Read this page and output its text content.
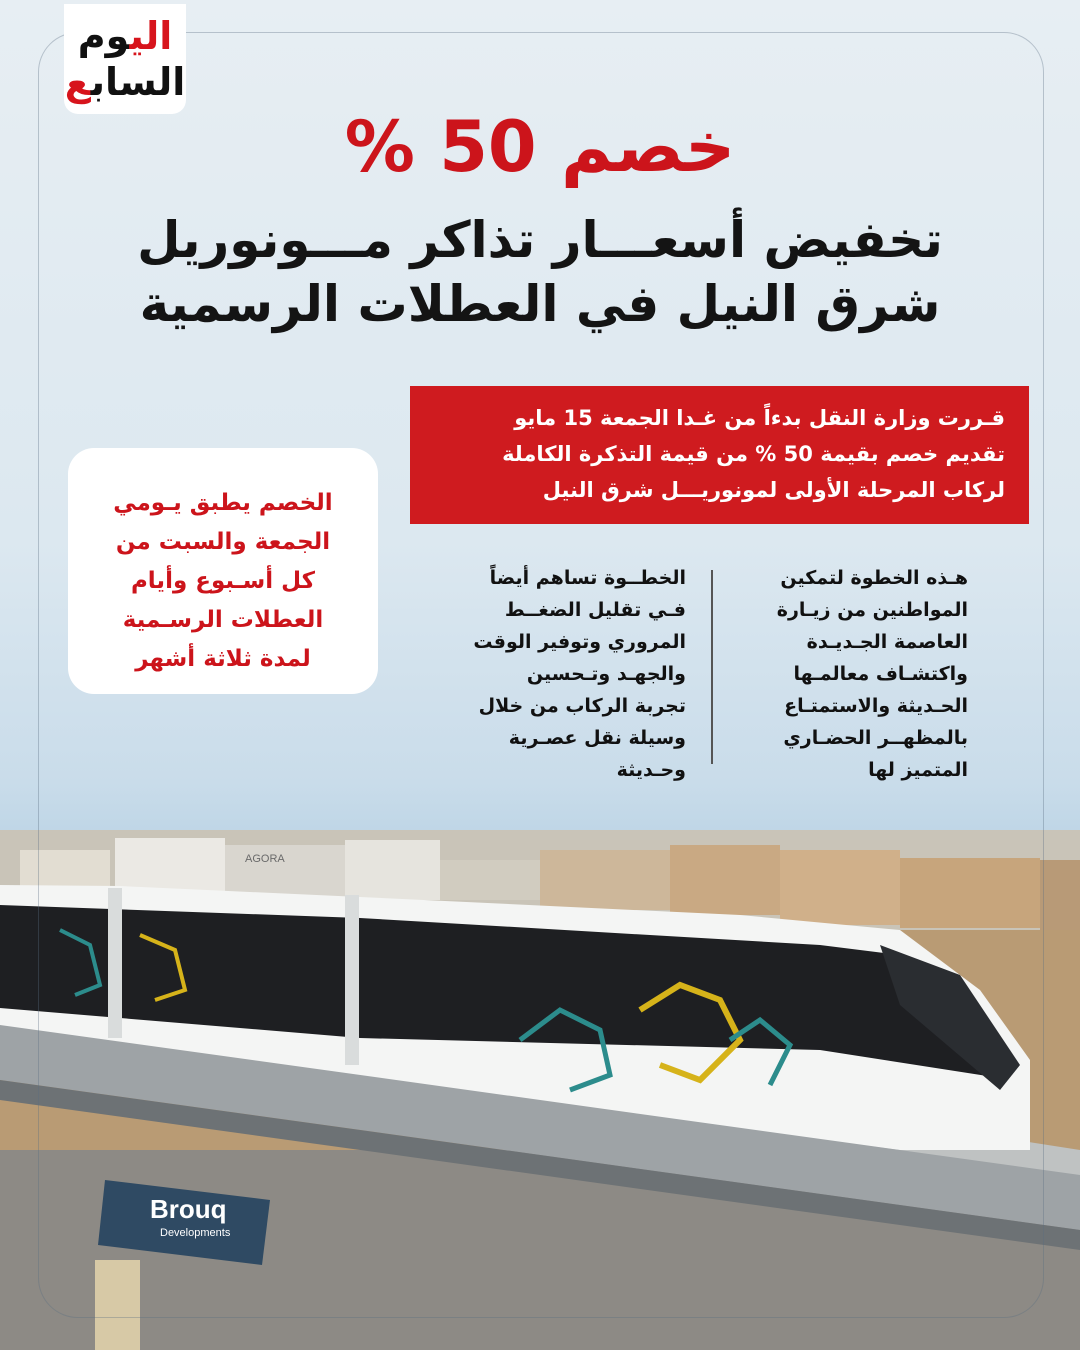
AGORA
Brouq
Developments
اليوم
السابع
خصم 50 %
تخفيض أسعـــار تذاكر مـــونوريل
شرق النيل في العطلات الرسمية
قـررت وزارة النقل بدءاً من غـدا الجمعة 15 مايو
تقديم خصم بقيمة 50 % من قيمة التذكرة الكاملة
لركاب المرحلة الأولى لمونوريـــل شرق النيل
الخصم يطبق يـومي
الجمعة والسبت من
كل أسـبوع وأيام
العطلات الرسـمية
لمدة ثلاثة أشهر
هـذه الخطوة لتمكين
المواطنين من زيـارة
العاصمة الجـديـدة
واكتشـاف معالمـها
الحـديثة والاستمتـاع
بالمظهــر الحضـاري
المتميز لها
الخطــوة تساهم أيضاً
فـي تقليل الضغــط
المروري وتوفير الوقت
والجهـد وتـحسين
تجربة الركاب من خلال
وسيلة نقل عصـرية
وحـديثة
